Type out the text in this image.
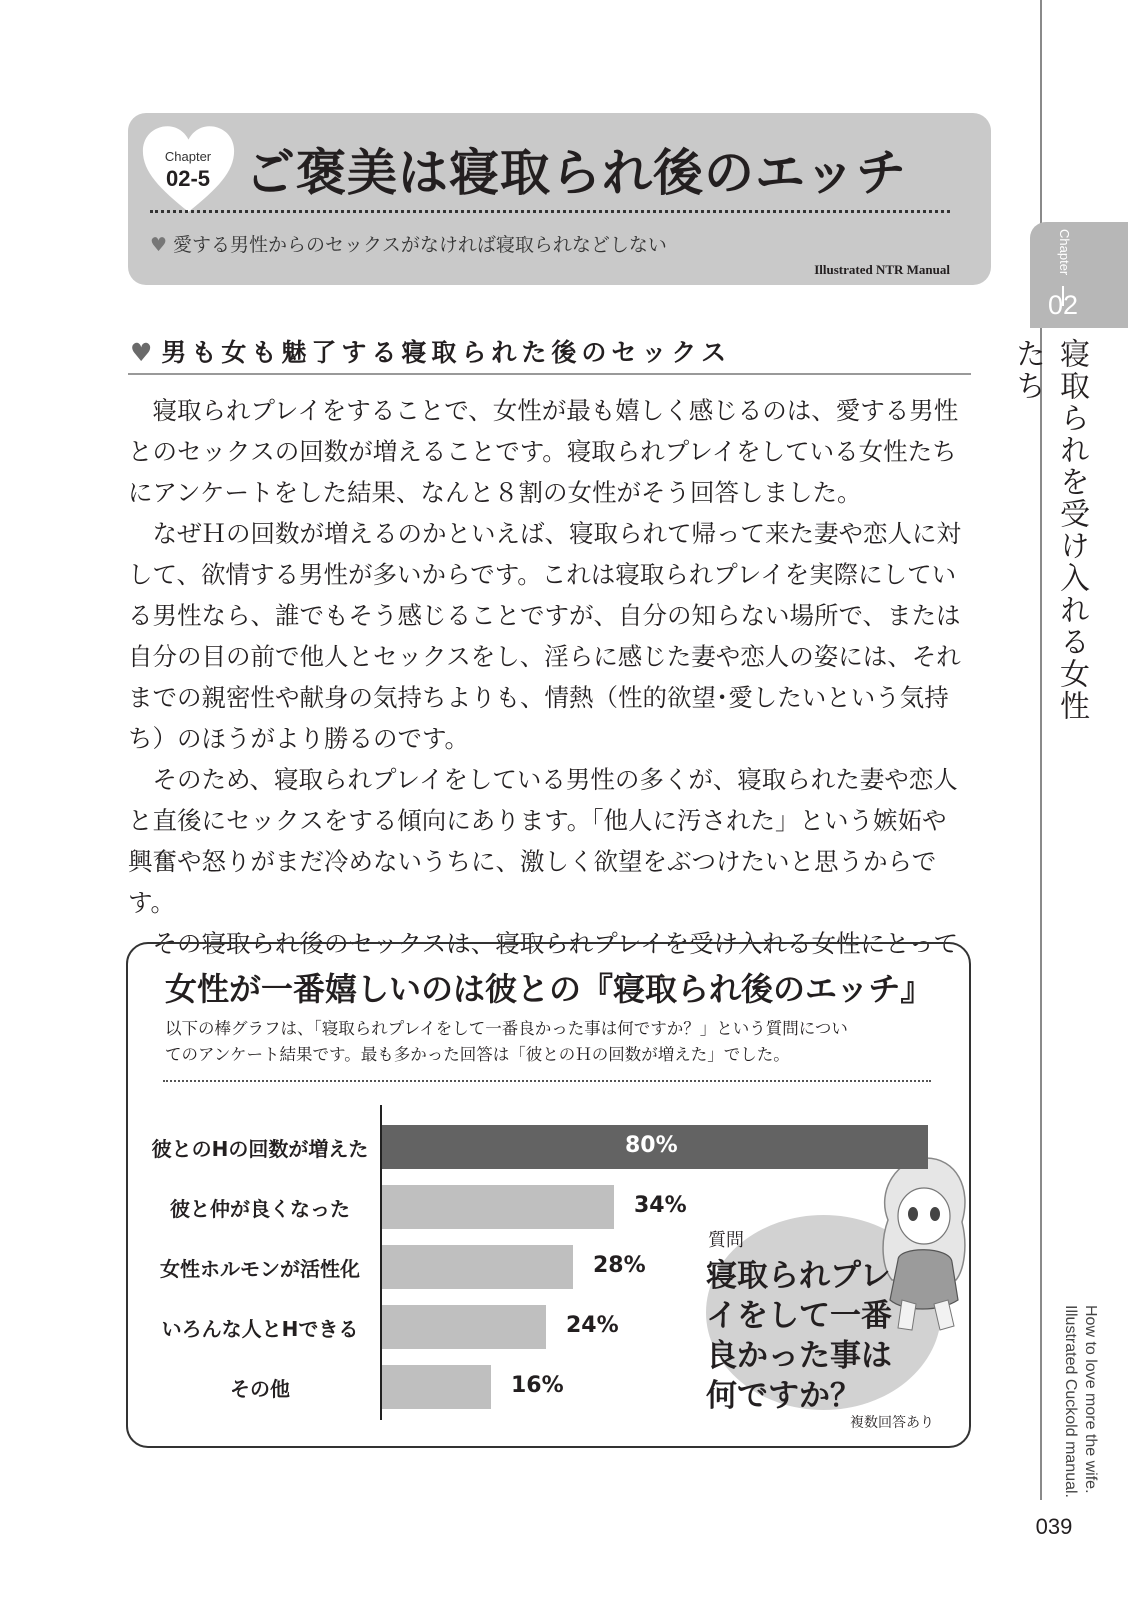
Chapter
02
寝取られを受け入れる女性たち
How to love more the wife. Illustrated Cuckold manual.
039
Chapter
02-5 ご褒美は寝取られ後のエッチ
♥ 愛する男性からのセックスがなければ寝取られなどしない
Illustrated NTR Manual
♥ 男も女も魅了する寝取られた後のセックス

寝取られプレイをすることで、女性が最も嬉しく感じるのは、愛する男性とのセックスの回数が増えることです。寝取られプレイをしている女性たちにアンケートをした結果、なんと８割の女性がそう回答しました。

なぜＨの回数が増えるのかといえば、寝取られて帰って来た妻や恋人に対して、欲情する男性が多いからです。これは寝取られプレイを実際にしている男性なら、誰でもそう感じることですが、自分の知らない場所で、または自分の目の前で他人とセックスをし、淫らに感じた妻や恋人の姿には、それまでの親密性や献身の気持ちよりも、情熱（性的欲望･愛したいという気持ち）のほうがより勝るのです。

そのため、寝取られプレイをしている男性の多くが、寝取られた妻や恋人と直後にセックスをする傾向にあります。「他人に汚された」という嫉妬や興奮や怒りがまだ冷めないうちに、激しく欲望をぶつけたいと思うからです。

その寝取られ後のセックスは、寝取られプレイを受け入れる女性にとって

女性が一番嬉しいのは彼との『寝取られ後のエッチ』
以下の棒グラフは、「寝取られプレイをして一番良かった事は何ですか？」という質問につい
てのアンケート結果です。最も多かった回答は「彼とのＨの回数が増えた」でした。
質問
寝取られプレ
イをして一番
良かった事は
何ですか？
複数回答あり
彼とのHの回数が増えた	80%
彼と仲が良くなった	34%
女性ホルモンが活性化	28%
いろんな人とHできる	24%
その他	16%
